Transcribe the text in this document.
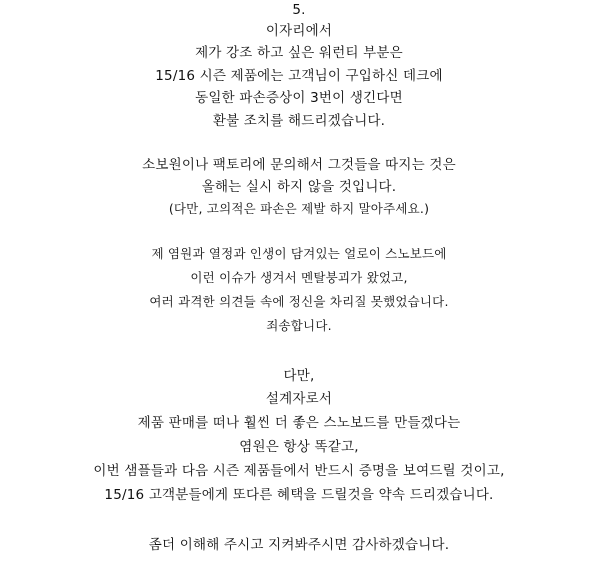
5.
이자리에서
제가 강조 하고 싶은 워런티 부분은
15/16 시즌 제품에는 고객님이 구입하신 데크에
동일한 파손증상이 3번이 생긴다면
환불 조치를 해드리겠습니다.
소보원이나 팩토리에 문의해서 그것들을 따지는 것은
올해는 실시 하지 않을 것입니다.
(다만, 고의적은 파손은 제발 하지 말아주세요.)
제 염원과 열정과 인생이 담겨있는 얼로이 스노보드에
이런 이슈가 생겨서 멘탈붕괴가 왔었고,
여러 과격한 의견들 속에 정신을 차리질 못했었습니다.
죄송합니다.
다만,
설계자로서
제품 판매를 떠나 훨씬 더 좋은 스노보드를 만들겠다는
염원은 항상 똑같고,
이번 샘플들과 다음 시즌 제품들에서 반드시 증명을 보여드릴 것이고,
15/16 고객분들에게 또다른 혜택을 드릴것을 약속 드리겠습니다.
좀더 이해해 주시고 지켜봐주시면 감사하겠습니다.
